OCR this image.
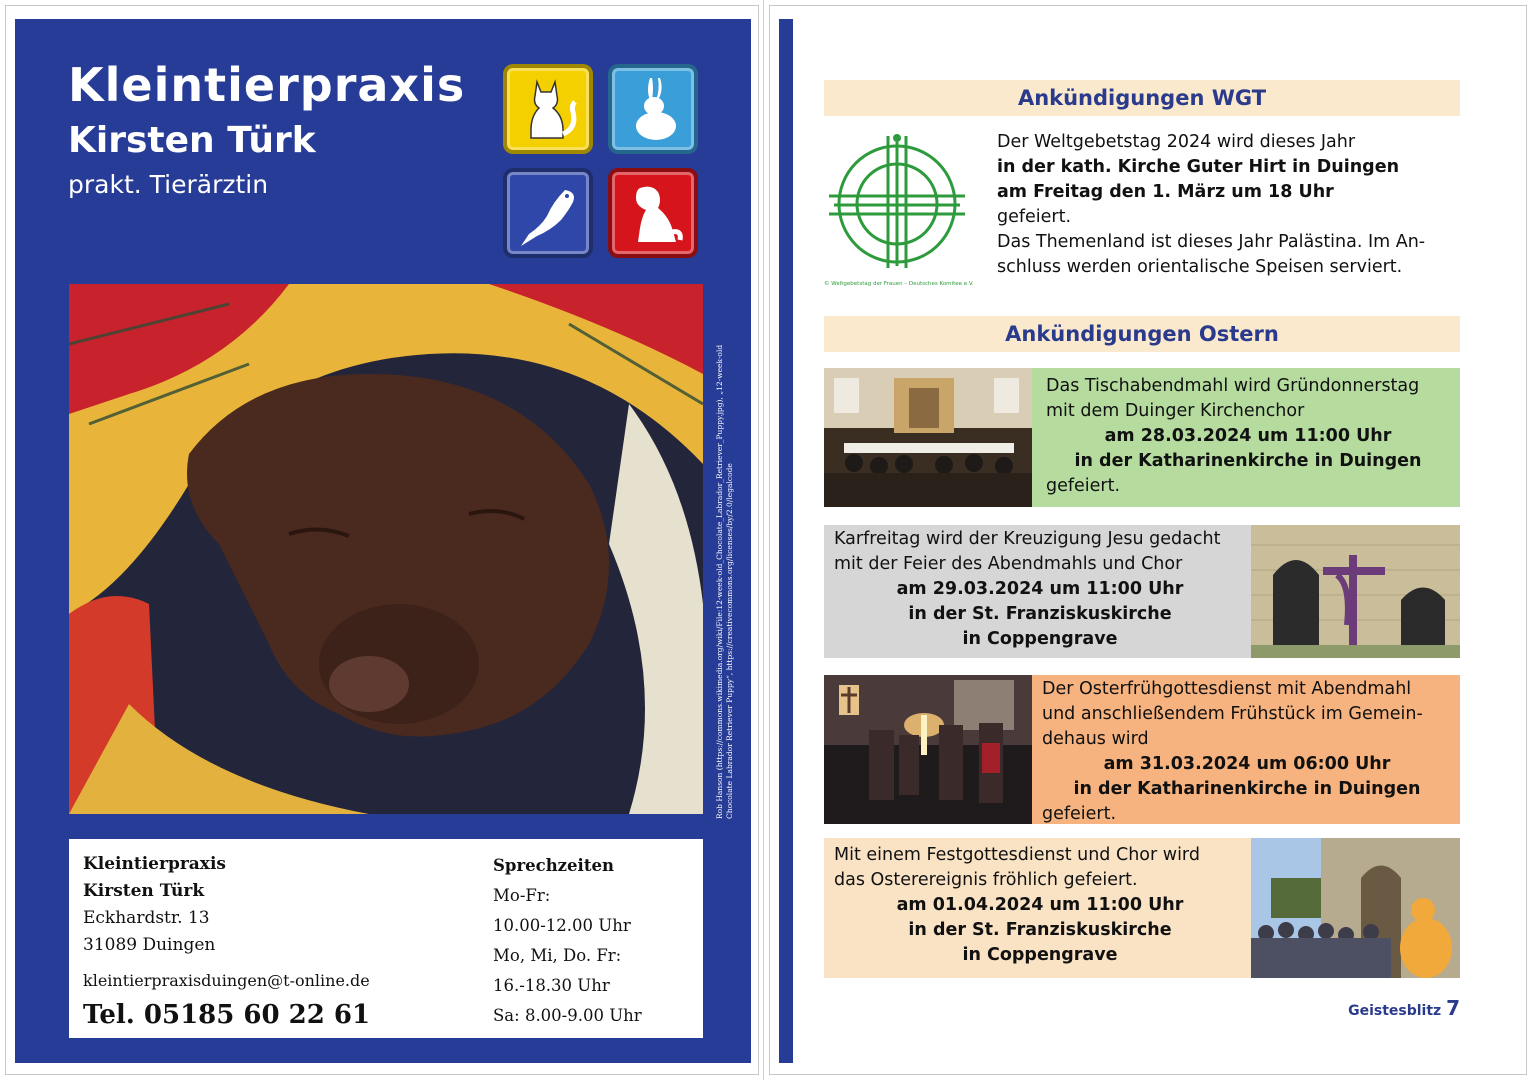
Kleintierpraxis
Kirsten Türk
prakt. Tierärztin
Rob Hanson (https://commons.wikimedia.org/wiki/File:12-week-old_Chocolate_Labrador_Retriever_Puppy.jpg), „12-week-old Chocolate Labrador Retriever Puppy“, https://creativecommons.org/licenses/by/2.0/legalcode
Kleintierpraxis
Kirsten Türk
Eckhardstr. 13
31089 Duingen
kleintierpraxisduingen@t-online.de
Tel. 05185 60 22 61
Sprechzeiten
Mo-Fr:
10.00-12.00 Uhr
Mo, Mi, Do. Fr:
16.-18.30 Uhr
Sa: 8.00-9.00 Uhr
Ankündigungen WGT
© Weltgebetstag der Frauen – Deutsches Komitee e.V.
Der Weltgebetstag 2024 wird dieses Jahr
in der kath. Kirche Guter Hirt in Duingen
am Freitag den 1. März um 18 Uhr
gefeiert.
Das Themenland ist dieses Jahr Palästina. Im An-
schluss werden orientalische Speisen serviert.
Ankündigungen Ostern
Das Tischabendmahl wird Gründonnerstag
mit dem Duinger Kirchenchor
am 28.03.2024 um 11:00 Uhr
in der Katharinenkirche in Duingen
gefeiert.
Karfreitag wird der Kreuzigung Jesu gedacht
mit der Feier des Abendmahls und Chor
am 29.03.2024 um 11:00 Uhr
in der St. Franziskuskirche
in Coppengrave
Der Osterfrühgottesdienst mit Abendmahl
und anschließendem Frühstück im Gemein-
dehaus wird
am 31.03.2024 um 06:00 Uhr
in der Katharinenkirche in Duingen
gefeiert.
Mit einem Festgottesdienst und Chor wird
das Osterereignis fröhlich gefeiert.
am 01.04.2024 um 11:00 Uhr
in der St. Franziskuskirche
in Coppengrave
Geistesblitz 7
